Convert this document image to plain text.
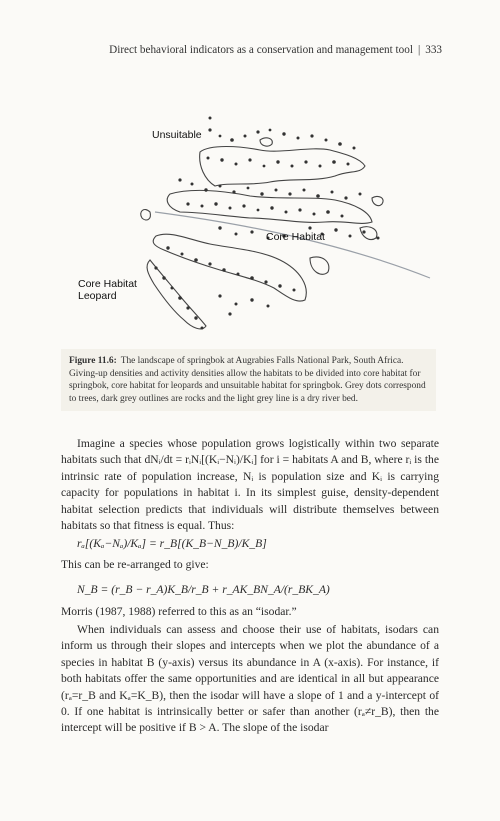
Direct behavioral indicators as a conservation and management tool | 333
Unsuitable
Core Habitat
Core Habitat
Leopard
Figure 11.6: The landscape of springbok at Augrabies Falls National Park, South Africa. Giving-up densities and activity densities allow the habitats to be divided into core habitat for springbok, core habitat for leopards and unsuitable habitat for springbok. Grey dots correspond to trees, dark grey outlines are rocks and the light grey line is a dry river bed.

Imagine a species whose population grows logistically within two separate habitats such that dNᵢ/dt = rᵢNᵢ[(Kᵢ−Nᵢ)/Kᵢ] for i = habitats A and B, where rᵢ is the intrinsic rate of population increase, Nᵢ is population size and Kᵢ is carrying capacity for populations in habitat i. In its simplest guise, density-dependent habitat selection predicts that individuals will distribute themselves between habitats so that fitness is equal. Thus:

rₐ[(Kₐ−Nₐ)/Kₐ] = r_B[(K_B−N_B)/K_B]
This can be re-arranged to give:
N_B = (r_B − r_A)K_B/r_B + r_AK_BN_A/(r_BK_A)
Morris (1987, 1988) referred to this as an “isodar.”

When individuals can assess and choose their use of habitats, isodars can inform us through their slopes and intercepts when we plot the abundance of a species in habitat B (y-axis) versus its abundance in A (x-axis). For instance, if both habitats offer the same opportunities and are identical in all but appearance (rₐ=r_B and Kₐ=K_B), then the isodar will have a slope of 1 and a y-intercept of 0. If one habitat is intrinsically better or safer than another (rₐ≠r_B), then the intercept will be positive if B > A. The slope of the isodar
